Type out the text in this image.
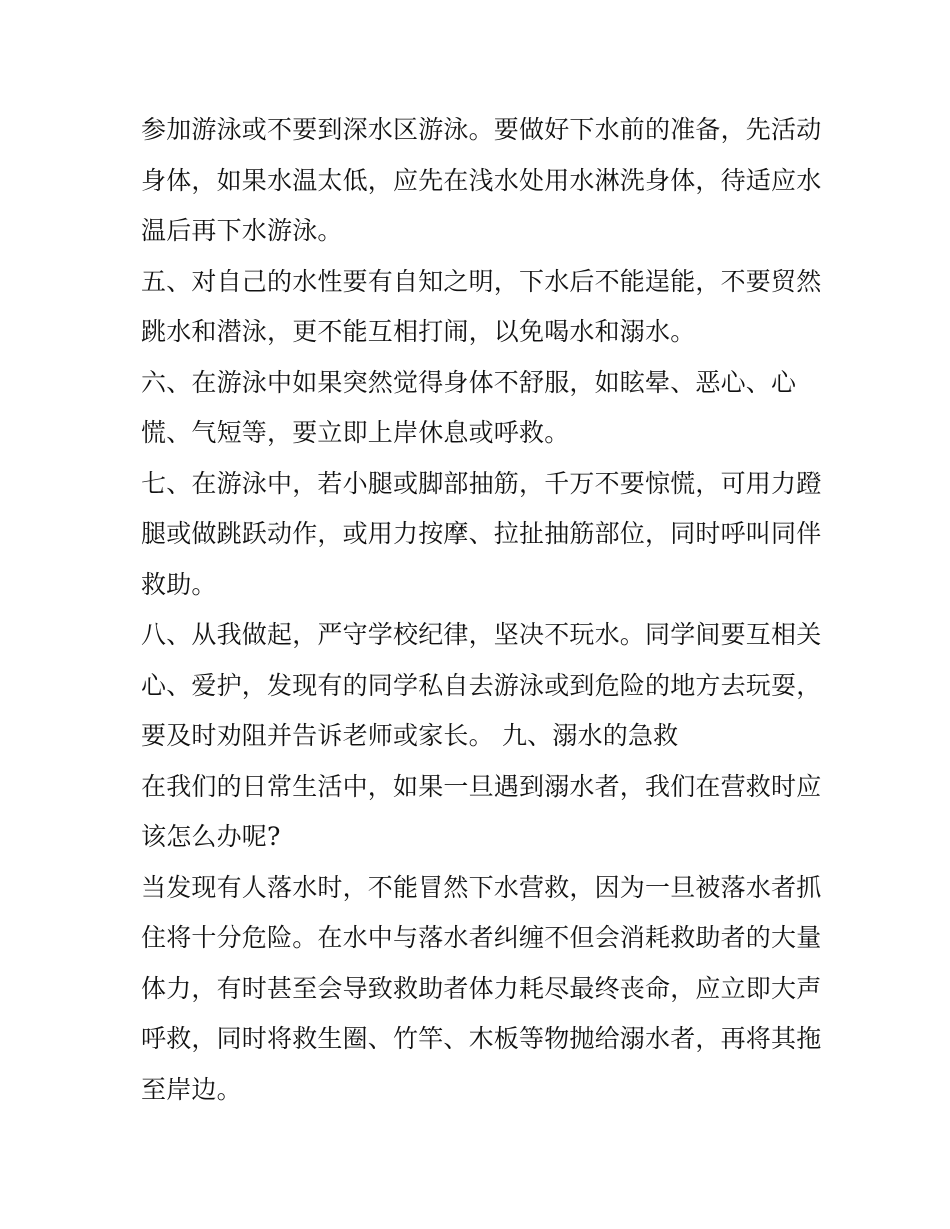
参加游泳或不要到深水区游泳。要做好下水前的准备，先活动
身体，如果水温太低，应先在浅水处用水淋洗身体，待适应水
温后再下水游泳。
五、对自己的水性要有自知之明，下水后不能逞能，不要贸然
跳水和潜泳，更不能互相打闹，以免喝水和溺水。
六、在游泳中如果突然觉得身体不舒服，如眩晕、恶心、心
慌、气短等，要立即上岸休息或呼救。
七、在游泳中，若小腿或脚部抽筋，千万不要惊慌，可用力蹬
腿或做跳跃动作，或用力按摩、拉扯抽筋部位，同时呼叫同伴
救助。
八、从我做起，严守学校纪律，坚决不玩水。同学间要互相关
心、爱护，发现有的同学私自去游泳或到危险的地方去玩耍，
要及时劝阻并告诉老师或家长。 九、溺水的急救
在我们的日常生活中，如果一旦遇到溺水者，我们在营救时应
该怎么办呢?
当发现有人落水时，不能冒然下水营救，因为一旦被落水者抓
住将十分危险。在水中与落水者纠缠不但会消耗救助者的大量
体力，有时甚至会导致救助者体力耗尽最终丧命，应立即大声
呼救，同时将救生圈、竹竿、木板等物抛给溺水者，再将其拖
至岸边。
